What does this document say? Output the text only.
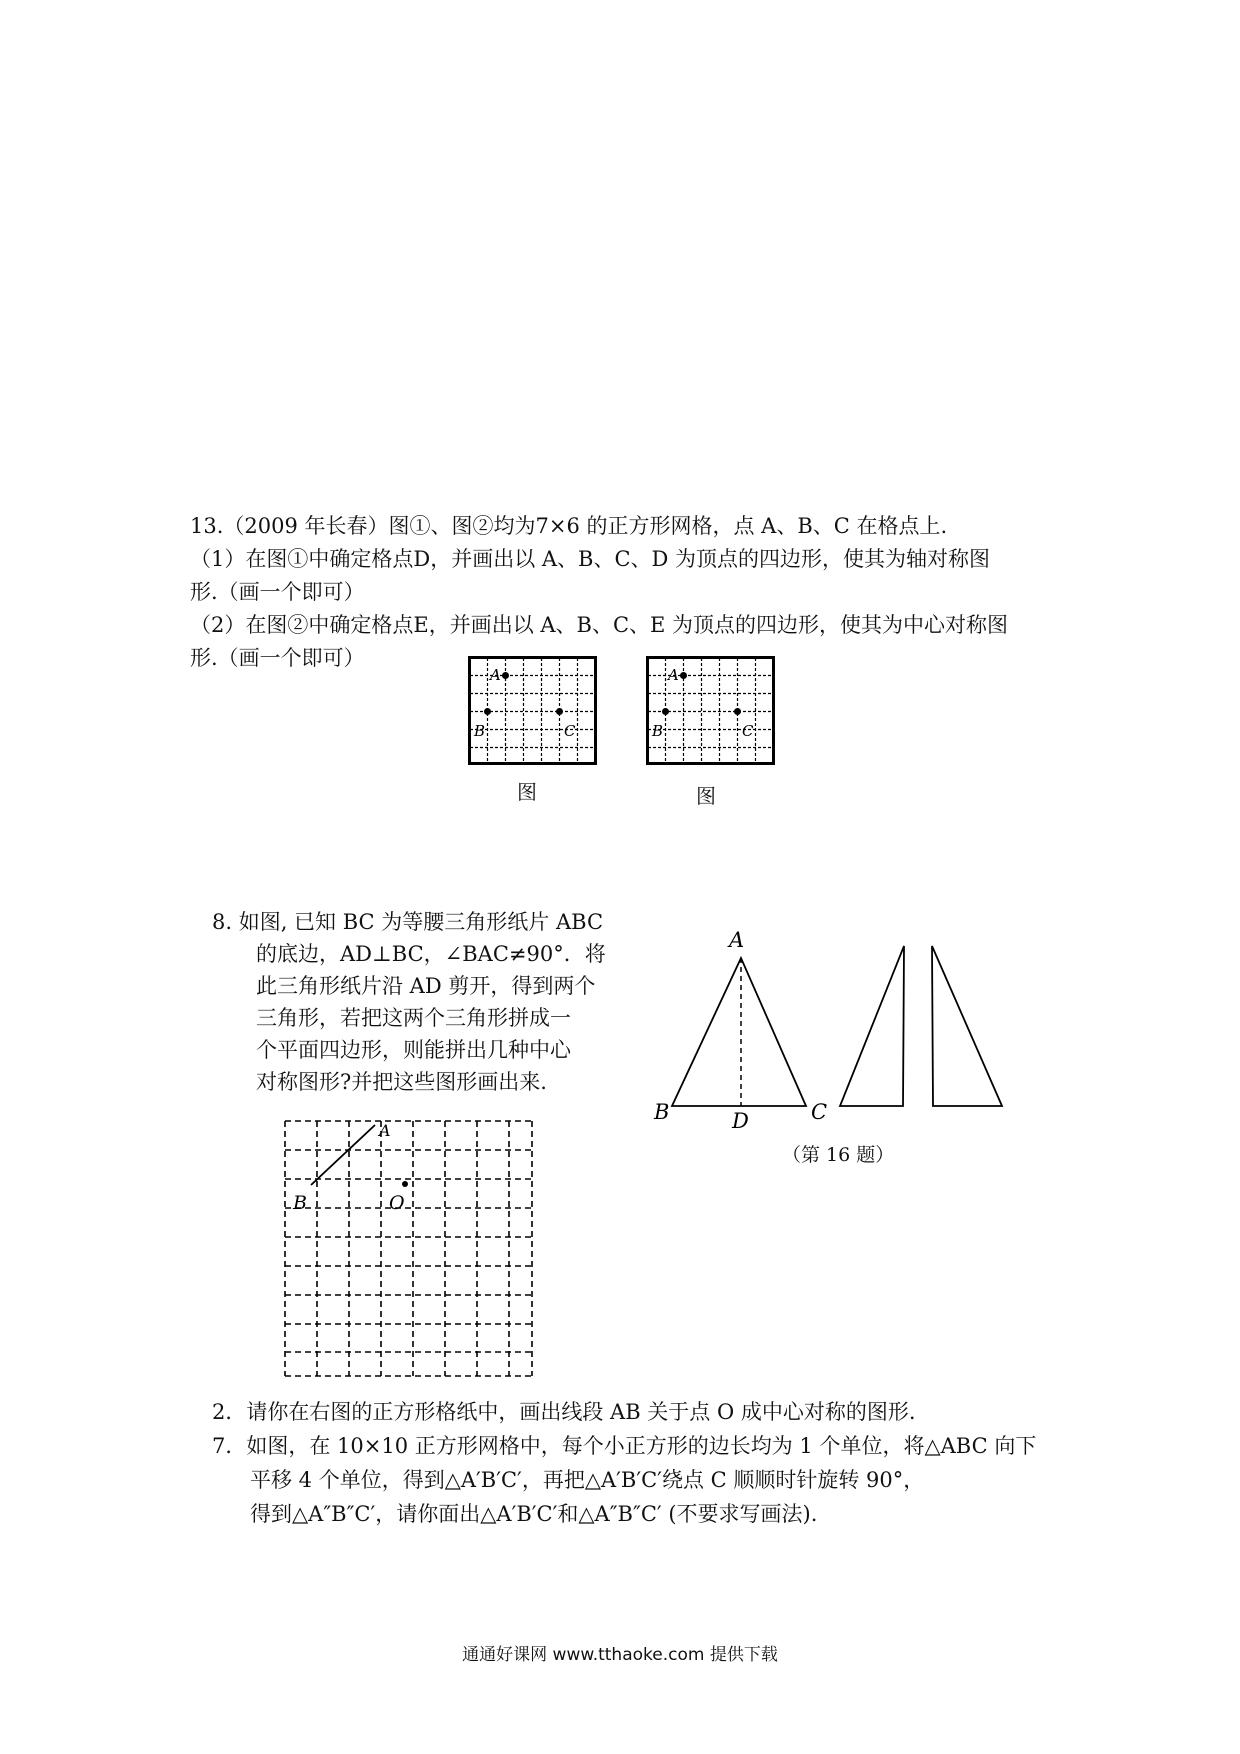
13.（2009 年长春）图①、图②均为7×6 的正方形网格，点 A、B、C 在格点上.
（1）在图①中确定格点D，并画出以 A、B、C、D 为顶点的四边形，使其为轴对称图
形.（画一个即可）
（2）在图②中确定格点E，并画出以 A、B、C、E 为顶点的四边形，使其为中心对称图
形.（画一个即可）
A
B	C
图
A
B	C
图
8. 如图, 已知 BC 为等腰三角形纸片 ABC
的底边，AD⊥BC，∠BAC≠90°．将
此三角形纸片沿 AD 剪开，得到两个
三角形，若把这两个三角形拼成一
个平面四边形，则能拼出几种中心
对称图形?并把这些图形画出来.
A
B	C
D
（第 16 题）
A
B	O
2．请你在右图的正方形格纸中，画出线段 AB 关于点 O 成中心对称的图形.
7．如图，在 10×10 正方形网格中，每个小正方形的边长均为 1 个单位，将△ABC 向下
平移 4 个单位，得到△A′B′C′，再把△A′B′C′绕点 C 顺顺时针旋转 90°，
得到△A″B″C′，请你面出△A′B′C′和△A″B″C′ (不要求写画法).
通通好课网 www.tthaoke.com 提供下载
